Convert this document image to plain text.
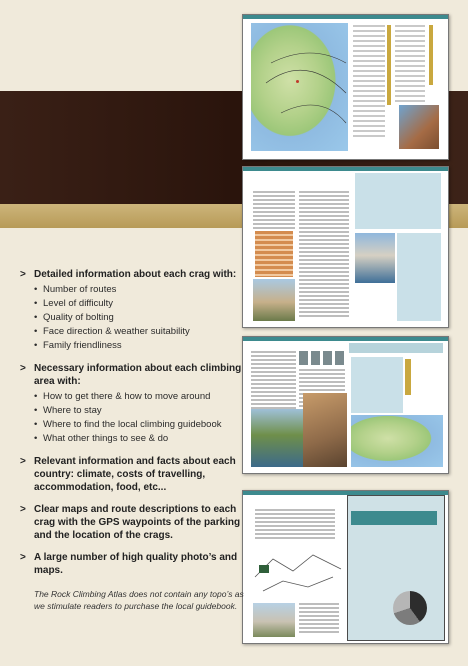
> Detailed information about each crag with:
• Number of routes
• Level of difficulty
• Quality of bolting
• Face direction & weather suitability
• Family friendliness
> Necessary information about each climbing area with:
• How to get there & how to move around
• Where to stay
• Where to find the local climbing guidebook
• What other things to see & do
> Relevant information and facts about each country: climate, costs of travelling, accommodation, food, etc...
> Clear maps and route descriptions to each crag with the GPS waypoints of the parking and the location of the crags.
> A large number of high quality photo’s and maps.
The Rock Climbing Atlas does not contain any topo’s as we stimulate readers to purchase the local guidebook.
